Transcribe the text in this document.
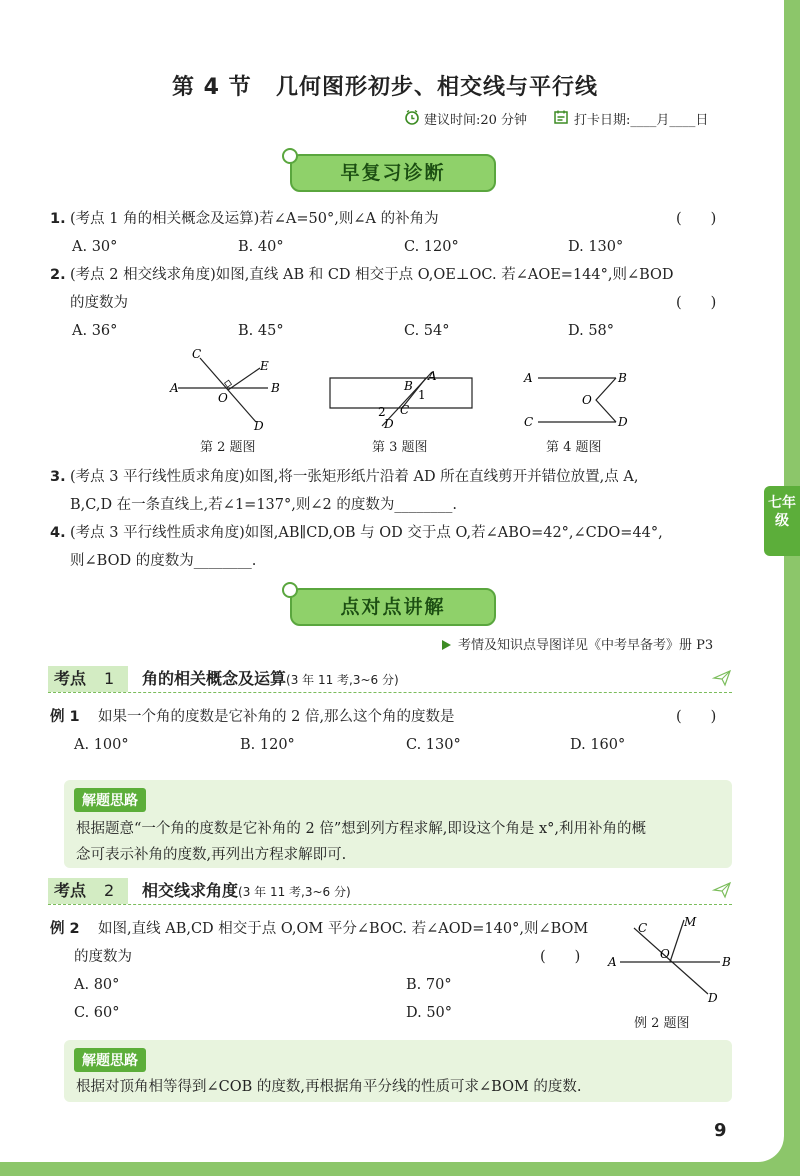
第 4 节 几何图形初步、相交线与平行线
建议时间:20 分钟	打卡日期:____月____日
早复习诊断
1. (考点 1 角的相关概念及运算)若∠A=50°,则∠A 的补角为	(　　)
A. 30°	B. 40°	C. 120°	D. 130°
2. (考点 2 相交线求角度)如图,直线 AB 和 CD 相交于点 O,OE⊥OC. 若∠AOE=144°,则∠BOD
的度数为	(　　)
A. 36°	B. 45°	C. 54°	D. 58°
C
E
A	B
O
D
第 2 题图
B
A
1
2 C
D
第 3 题图
A	B
O
C	D
第 4 题图
3. (考点 3 平行线性质求角度)如图,将一张矩形纸片沿着 AD 所在直线剪开并错位放置,点 A,
B,C,D 在一条直线上,若∠1=137°,则∠2 的度数为________.
4. (考点 3 平行线性质求角度)如图,AB∥CD,OB 与 OD 交于点 O,若∠ABO=42°,∠CDO=44°,
则∠BOD 的度数为________.
七年
级
点对点讲解
考情及知识点导图详见《中考早备考》册 P3
考点 1 角的相关概念及运算(3 年 11 考,3~6 分)
例 1 如果一个角的度数是它补角的 2 倍,那么这个角的度数是	(　　)
A. 100°	B. 120°	C. 130°	D. 160°
解题思路
根据题意“一个角的度数是它补角的 2 倍”想到列方程求解,即设这个角是 x°,利用补角的概
念可表示补角的度数,再列出方程求解即可.
考点 2 相交线求角度(3 年 11 考,3~6 分)
例 2 如图,直线 AB,CD 相交于点 O,OM 平分∠BOC. 若∠AOD=140°,则∠BOM
的度数为	(　　)
A. 80°	B. 70°
C. 60°	D. 50°
C	M
O
A	B
D
例 2 题图
解题思路
根据对顶角相等得到∠COB 的度数,再根据角平分线的性质可求∠BOM 的度数.
9
